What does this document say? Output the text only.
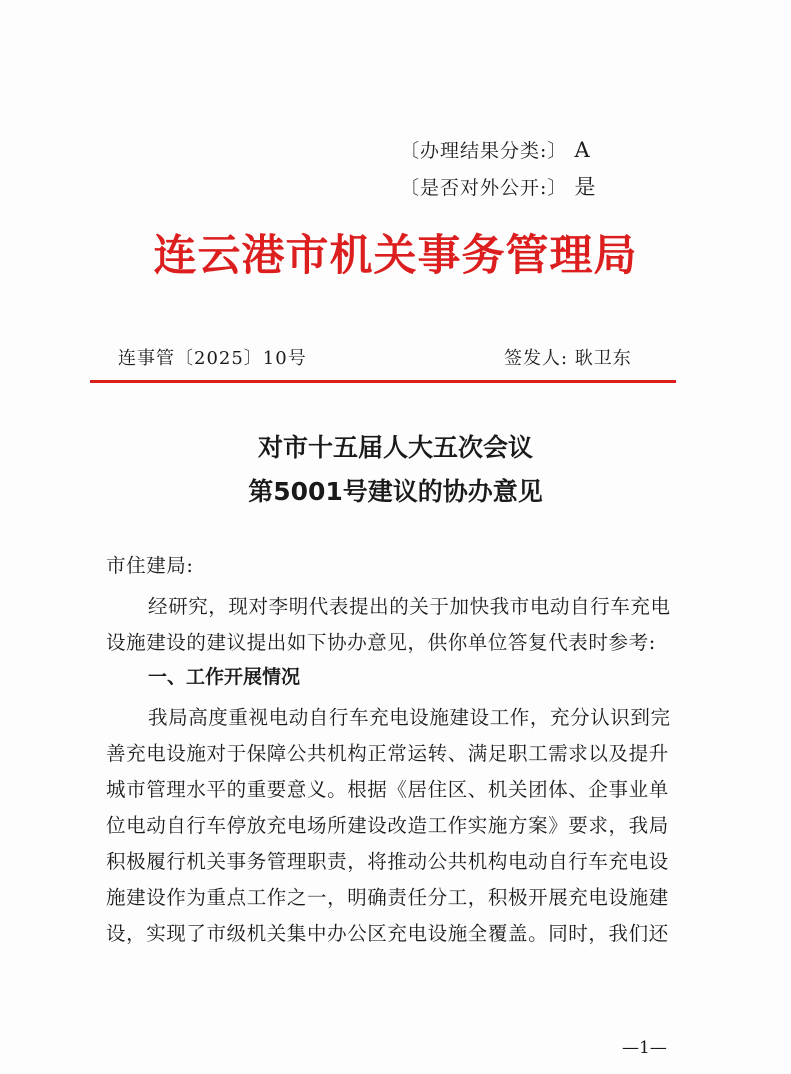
〔办理结果分类:〕 A
〔是否对外公开:〕 是
连云港市机关事务管理局
连事管〔2025〕10号	签发人: 耿卫东
对市十五届人大五次会议
第5001号建议的协办意见
市住建局:
经研究，现对李明代表提出的关于加快我市电动自行车充电
设施建设的建议提出如下协办意见，供你单位答复代表时参考:
一、工作开展情况
我局高度重视电动自行车充电设施建设工作，充分认识到完
善充电设施对于保障公共机构正常运转、满足职工需求以及提升
城市管理水平的重要意义。根据《居住区、机关团体、企事业单
位电动自行车停放充电场所建设改造工作实施方案》要求，我局
积极履行机关事务管理职责，将推动公共机构电动自行车充电设
施建设作为重点工作之一，明确责任分工，积极开展充电设施建
设，实现了市级机关集中办公区充电设施全覆盖。同时，我们还
—1—
